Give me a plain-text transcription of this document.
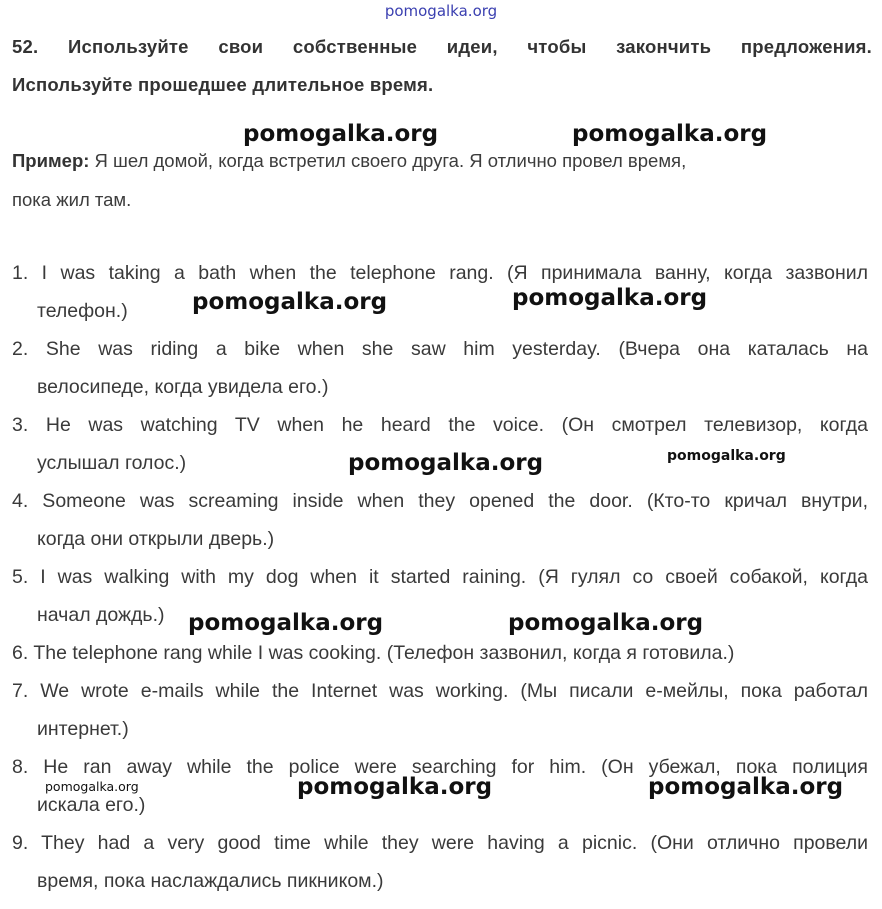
pomogalka.org
52. Используйте свои собственные идеи, чтобы закончить предложения.
Используйте прошедшее длительное время.
Пример: Я шел домой, когда встретил своего друга. Я отлично провел время,
пока жил там.
1. I was taking a bath when the telephone rang. (Я принимала ванну, когда зазвонил
телефон.)
2. She was riding a bike when she saw him yesterday. (Вчера она каталась на
велосипеде, когда увидела его.)
3. He was watching TV when he heard the voice. (Он смотрел телевизор, когда
услышал голос.)
4. Someone was screaming inside when they opened the door. (Кто-то кричал внутри,
когда они открыли дверь.)
5. I was walking with my dog when it started raining. (Я гулял со своей собакой, когда
начал дождь.)
6. The telephone rang while I was cooking. (Телефон зазвонил, когда я готовила.)
7. We wrote e-mails while the Internet was working. (Мы писали е-мейлы, пока работал
интернет.)
8. He ran away while the police were searching for him. (Он убежал, пока полиция
искала его.)
9. They had a very good time while they were having a picnic. (Они отлично провели
время, пока наслаждались пикником.)
pomogalka.org	pomogalka.org
pomogalka.org	pomogalka.org
pomogalka.org	pomogalka.org
pomogalka.org	pomogalka.org
pomogalka.org	pomogalka.org	pomogalka.org
